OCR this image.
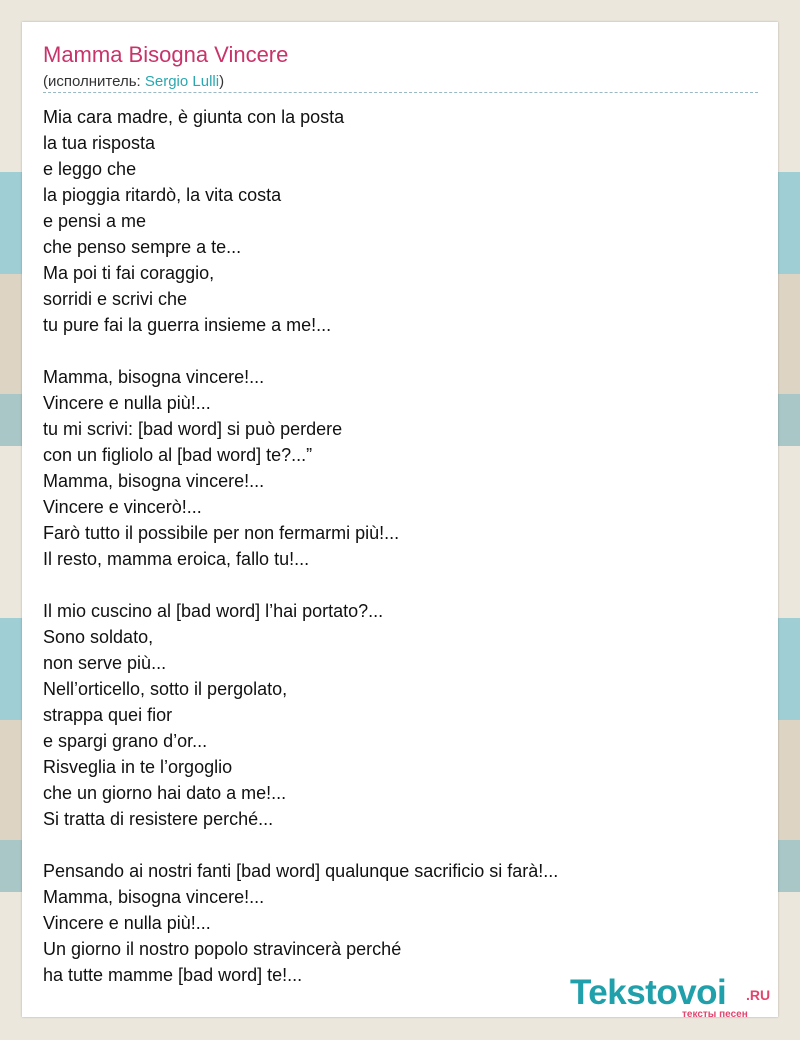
Mamma Bisogna Vincere
(исполнитель: Sergio Lulli)
Mia cara madre, è giunta con la posta
la tua risposta
e leggo che
la pioggia ritardò, la vita costa
e pensi a me
che penso sempre a te...
Ma poi ti fai coraggio,
sorridi e scrivi che
tu pure fai la guerra insieme a me!...
Mamma, bisogna vincere!...
Vincere e nulla più!...
tu mi scrivi: [bad word] si può perdere
con un figliolo al [bad word] te?...”
Mamma, bisogna vincere!...
Vincere e vincerò!...
Farò tutto il possibile per non fermarmi più!...
Il resto, mamma eroica, fallo tu!...
Il mio cuscino al [bad word] l’hai portato?...
Sono soldato,
non serve più...
Nell’orticello, sotto il pergolato,
strappa quei fior
e spargi grano d’or...
Risveglia in te l’orgoglio
che un giorno hai dato a me!...
Si tratta di resistere perché...
Pensando ai nostri fanti [bad word] qualunque sacrificio si farà!...
Mamma, bisogna vincere!...
Vincere e nulla più!...
Un giorno il nostro popolo stravincerà perché
ha tutte mamme [bad word] te!...	Tekstovoi .RU
тексты песен
